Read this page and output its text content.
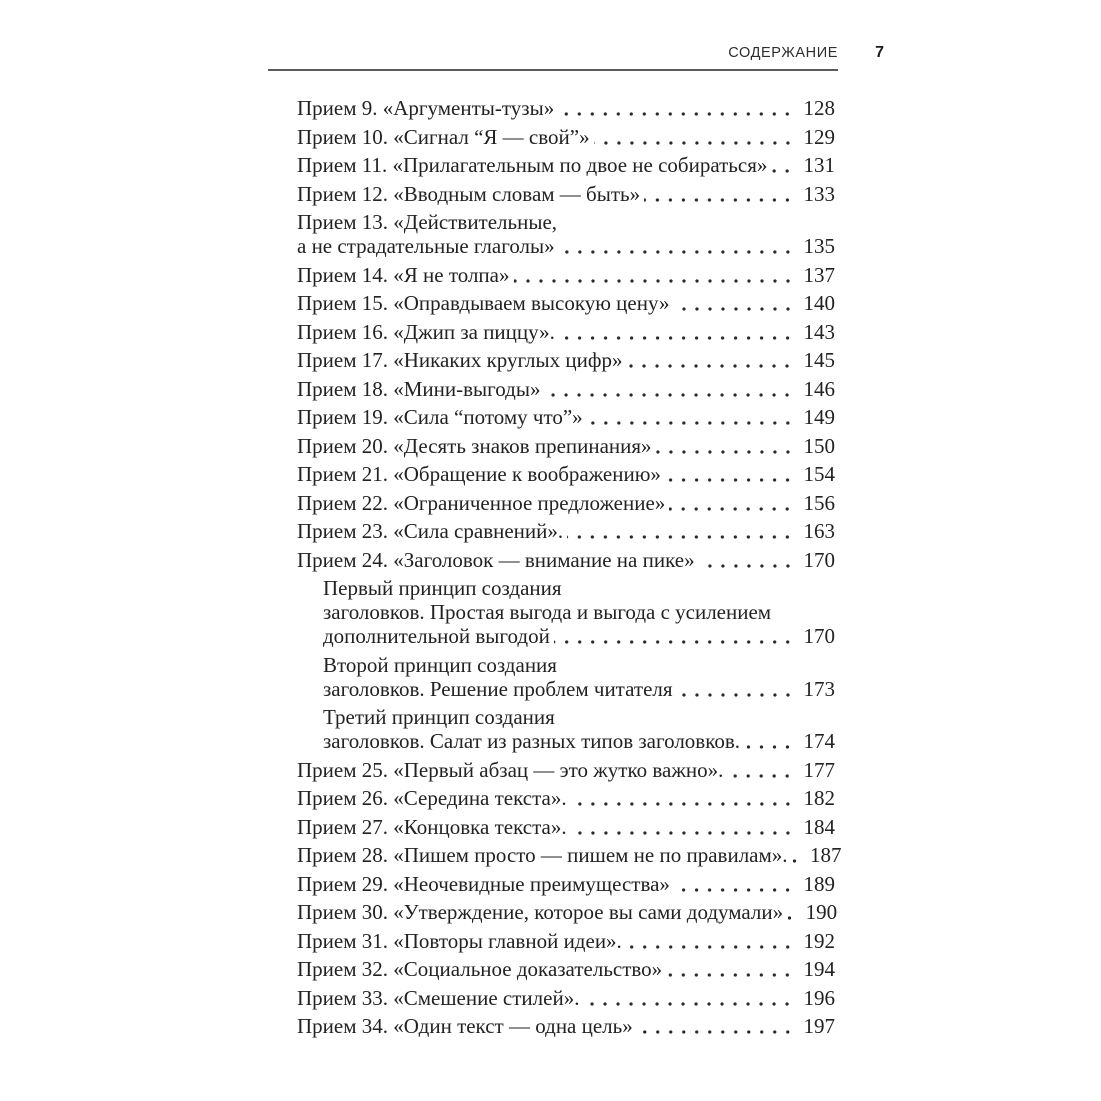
СОДЕРЖАНИЕ	7
Прием 9. «Аргументы-тузы»	128
Прием 10. «Сигнал “Я — свой”»	129
Прием 11. «Прилагательным по двое не собираться» 131
Прием 12. «Вводным словам — быть»	133
Прием 13. «Действительные,
а не страдательные глаголы»	135
Прием 14. «Я не толпа»	137
Прием 15. «Оправдываем высокую цену»	140
Прием 16. «Джип за пиццу».	143
Прием 17. «Никаких круглых цифр»	145
Прием 18. «Мини-выгоды»	146
Прием 19. «Сила “потому что”»	149
Прием 20. «Десять знаков препинания»	150
Прием 21. «Обращение к воображению»	154
Прием 22. «Ограниченное предложение»	156
Прием 23. «Сила сравнений».	163
Прием 24. «Заголовок — внимание на пике»	170
Первый принцип создания
заголовков. Простая выгода и выгода с усилением
дополнительной выгодой	170
Второй принцип создания
заголовков. Решение проблем читателя	173
Третий принцип создания
заголовков. Салат из разных типов заголовков.	174
Прием 25. «Первый абзац — это жутко важно».	177
Прием 26. «Середина текста».	182
Прием 27. «Концовка текста».	184
Прием 28. «Пишем просто — пишем не по правилам». 187
Прием 29. «Неочевидные преимущества»	189
Прием 30. «Утверждение, которое вы сами додумали» 190
Прием 31. «Повторы главной идеи».	192
Прием 32. «Социальное доказательство»	194
Прием 33. «Смешение стилей».	196
Прием 34. «Один текст — одна цель»	197
